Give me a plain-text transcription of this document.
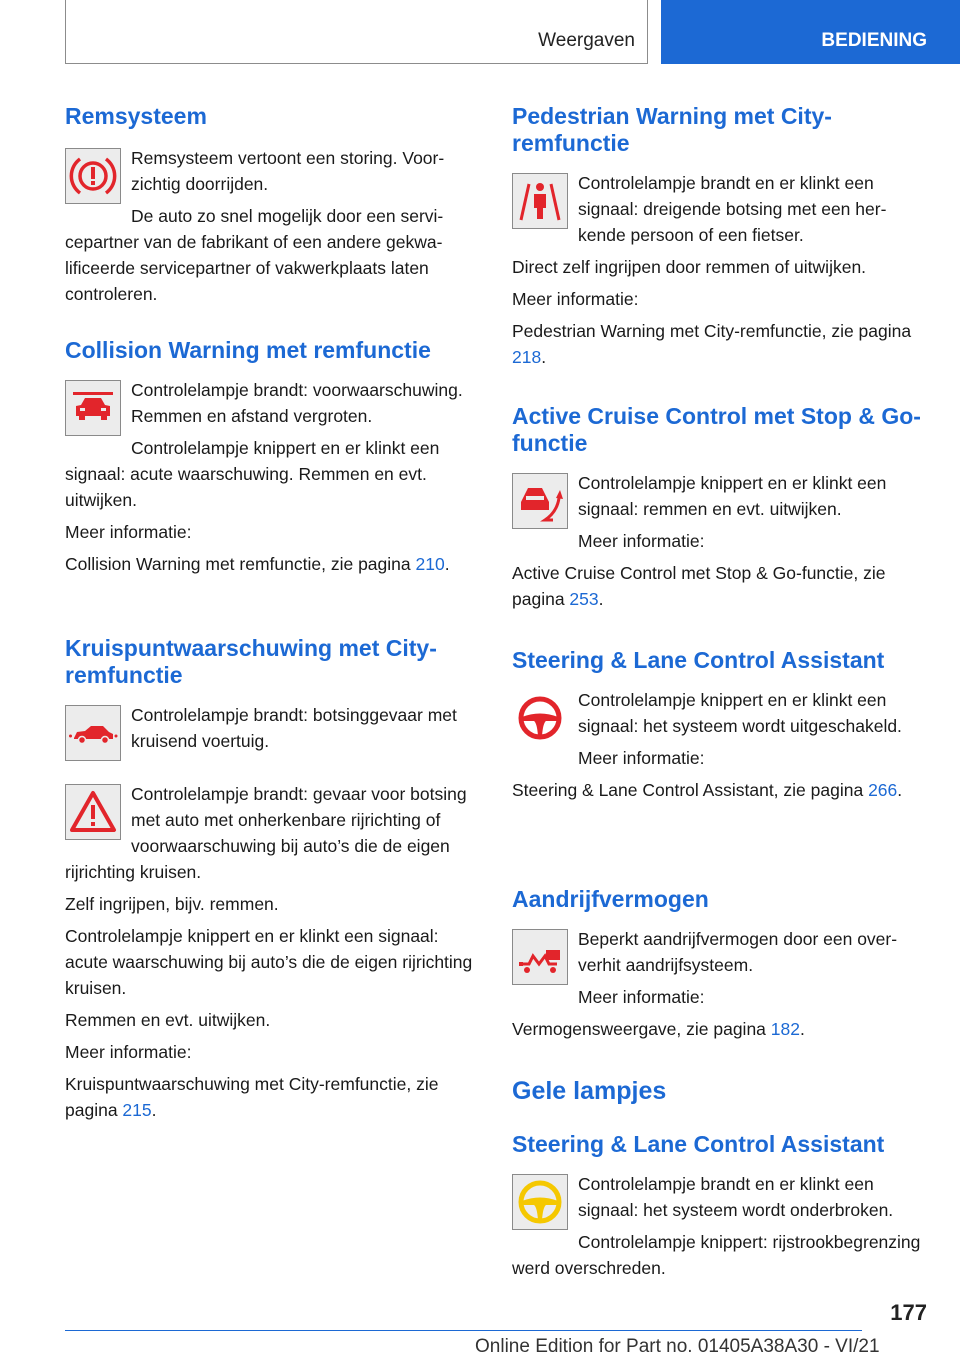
Weergaven	BEDIENING
Remsysteem

Remsysteem vertoont een storing. Voorzichtig doorrijden.

De auto zo snel mogelijk door een servicepartner van de fabrikant of een andere gekwalificeerde servicepartner of vakwerkplaats laten controleren.

Collision Warning met remfunctie

Controlelampje brandt: voorwaarschuwing. Remmen en afstand vergroten.

Controlelampje knippert en er klinkt een signaal: acute waarschuwing. Remmen en evt. uitwijken.

Meer informatie:

Collision Warning met remfunctie, zie pagina 210.

Kruispuntwaarschuwing met City-remfunctie

Controlelampje brandt: botsinggevaar met kruisend voertuig.

Controlelampje brandt: gevaar voor botsing met auto met onherkenbare rijrichting of voorwaarschuwing bij auto’s die de eigen rijrichting kruisen.

Zelf ingrijpen, bijv. remmen.

Controlelampje knippert en er klinkt een signaal: acute waarschuwing bij auto’s die de eigen rijrichting kruisen.

Remmen en evt. uitwijken.

Meer informatie:

Kruispuntwaarschuwing met City-remfunctie, zie pagina 215.

Pedestrian Warning met City-remfunctie

Controlelampje brandt en er klinkt een signaal: dreigende botsing met een herkende persoon of een fietser.

Direct zelf ingrijpen door remmen of uitwijken.

Meer informatie:

Pedestrian Warning met City-remfunctie, zie pagina 218.

Active Cruise Control met Stop & Go-functie

Controlelampje knippert en er klinkt een signaal: remmen en evt. uitwijken.

Meer informatie:

Active Cruise Control met Stop & Go-functie, zie pagina 253.

Steering & Lane Control Assistant

Controlelampje knippert en er klinkt een signaal: het systeem wordt uitgeschakeld.

Meer informatie:

Steering & Lane Control Assistant, zie pagina 266.

Aandrijfvermogen

Beperkt aandrijfvermogen door een oververhit aandrijfsysteem.

Meer informatie:

Vermogensweergave, zie pagina 182.

Gele lampjes
Steering & Lane Control Assistant

Controlelampje brandt en er klinkt een signaal: het systeem wordt onderbroken.

Controlelampje knippert: rijstrookbegrenzing werd overschreden.

177
Online Edition for Part no. 01405A38A30 - VI/21
